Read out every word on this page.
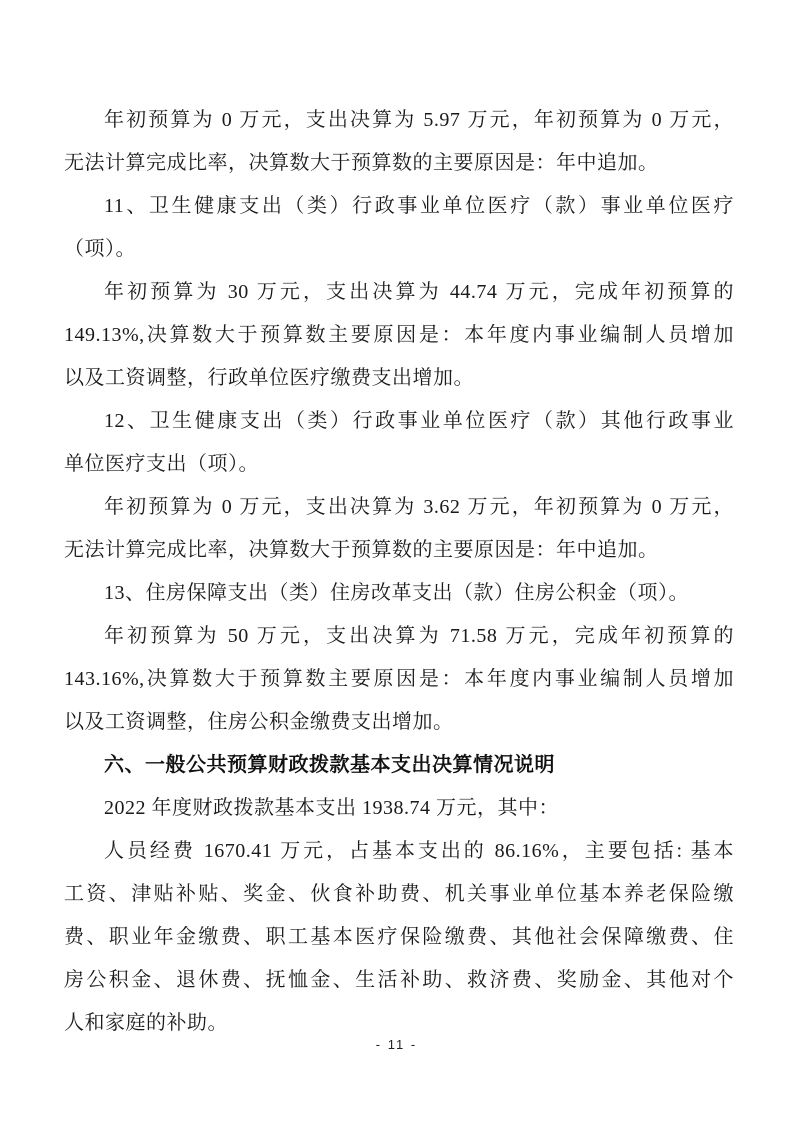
年初预算为 0 万元，支出决算为 5.97 万元，年初预算为 0 万元，
无法计算完成比率，决算数大于预算数的主要原因是：年中追加。
11、卫生健康支出（类）行政事业单位医疗（款）事业单位医疗
（项）。
年初预算为 30 万元，支出决算为 44.74 万元，完成年初预算的
149.13%,决算数大于预算数主要原因是：本年度内事业编制人员增加
以及工资调整，行政单位医疗缴费支出增加。
12、卫生健康支出（类）行政事业单位医疗（款）其他行政事业
单位医疗支出（项）。
年初预算为 0 万元，支出决算为 3.62 万元，年初预算为 0 万元，
无法计算完成比率，决算数大于预算数的主要原因是：年中追加。
13、住房保障支出（类）住房改革支出（款）住房公积金（项）。
年初预算为 50 万元，支出决算为 71.58 万元，完成年初预算的
143.16%,决算数大于预算数主要原因是：本年度内事业编制人员增加
以及工资调整，住房公积金缴费支出增加。
六、一般公共预算财政拨款基本支出决算情况说明
2022 年度财政拨款基本支出 1938.74 万元，其中：
人员经费 1670.41 万元，占基本支出的 86.16%，主要包括: 基本
工资、津贴补贴、奖金、伙食补助费、机关事业单位基本养老保险缴
费、职业年金缴费、职工基本医疗保险缴费、其他社会保障缴费、住
房公积金、退休费、抚恤金、生活补助、救济费、奖励金、其他对个
人和家庭的补助。
- 11 -
